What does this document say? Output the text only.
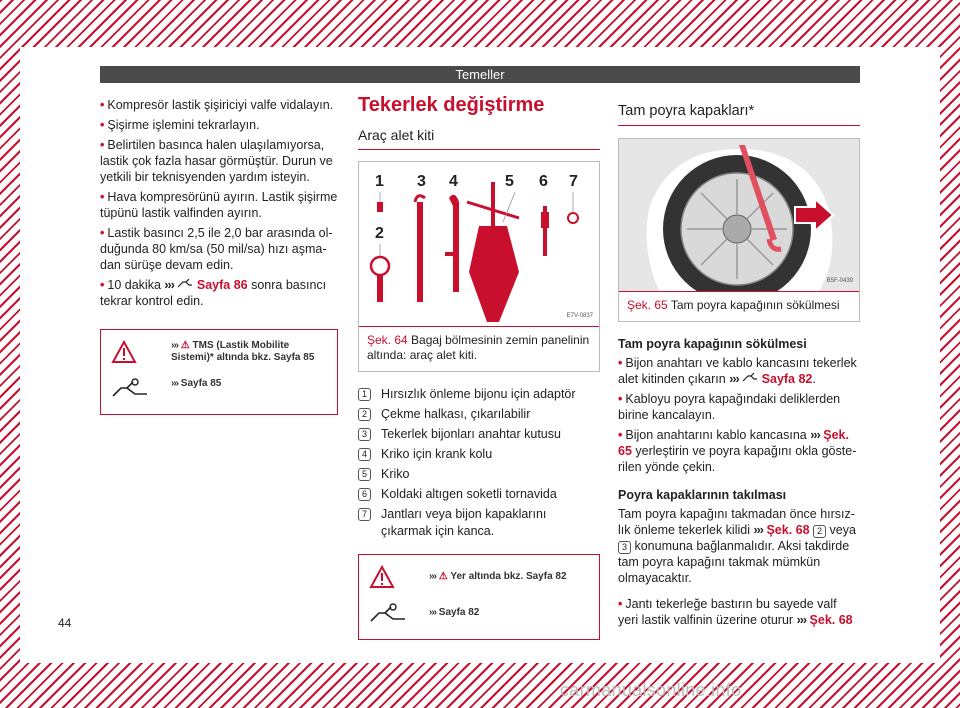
Temeller
• Kompresör lastik şişiriciyi valfe vidalayın.
• Şişirme işlemini tekrarlayın.
• Belirtilen basınca halen ulaşılamıyorsa, lastik çok fazla hasar görmüştür. Durun ve yetkili bir teknisyenden yardım isteyin.
• Hava kompresörünü ayırın. Lastik şişirme tüpünü lastik valfinden ayırın.
• Lastik basıncı 2,5 ile 2,0 bar arasında olduğunda 80 km/sa (50 mil/sa) hızı aşmadan sürüşe devam edin.
• 10 dakika ››› Sayfa 86 sonra basıncı tekrar kontrol edin.
››› ⚠ TMS (Lastik Mobilite Sistemi)* altında bkz. Sayfa 85
››› Sayfa 85
Tekerlek değiştirme
Araç alet kiti
1
2
3 4	5 6 7
E7V-0837
Şek. 64 Bagaj bölmesinin zemin panelinin altında: araç alet kiti.
1	Hırsızlık önleme bijonu için adaptör
2	Çekme halkası, çıkarılabilir
3	Tekerlek bijonları anahtar kutusu
4	Kriko için krank kolu
5	Kriko
6	Koldaki altıgen soketli tornavida
7	Jantları veya bijon kapaklarını çıkarmak için kanca.
››› ⚠ Yer altında bkz. Sayfa 82
››› Sayfa 82
Tam poyra kapakları*
B5F-0439
Şek. 65 Tam poyra kapağının sökülmesi
Tam poyra kapağının sökülmesi
• Bijon anahtarı ve kablo kancasını tekerlek alet kitinden çıkarın ››› Sayfa 82.
• Kabloyu poyra kapağındaki deliklerden birine kancalayın.
• Bijon anahtarını kablo kancasına ››› Şek. 65 yerleştirin ve poyra kapağını okla gösterilen yönde çekin.
Poyra kapaklarının takılması
Tam poyra kapağını takmadan önce hırsızlık önleme tekerlek kilidi ››› Şek. 68 2 veya 3 konumuna bağlanmalıdır. Aksi takdirde tam poyra kapağını takmak mümkün olmayacaktır.
• Jantı tekerleğe bastırın bu sayede valf yeri lastik valfinin üzerine oturur ››› Şek. 68
44
carmanualsonline.info
